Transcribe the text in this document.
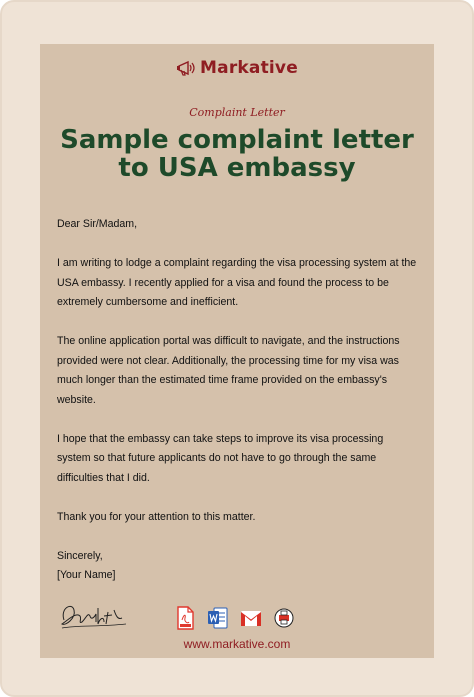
Markative
Complaint Letter
Sample complaint letter
to USA embassy

Dear Sir/Madam,

I am writing to lodge a complaint regarding the visa processing system at the USA embassy. I recently applied for a visa and found the process to be extremely cumbersome and inefficient.

The online application portal was difficult to navigate, and the instructions provided were not clear. Additionally, the processing time for my visa was much longer than the estimated time frame provided on the embassy's website.

I hope that the embassy can take steps to improve its visa processing system so that future applicants do not have to go through the same difficulties that I did.

Thank you for your attention to this matter.

Sincerely,

[Your Name]

www.markative.com
